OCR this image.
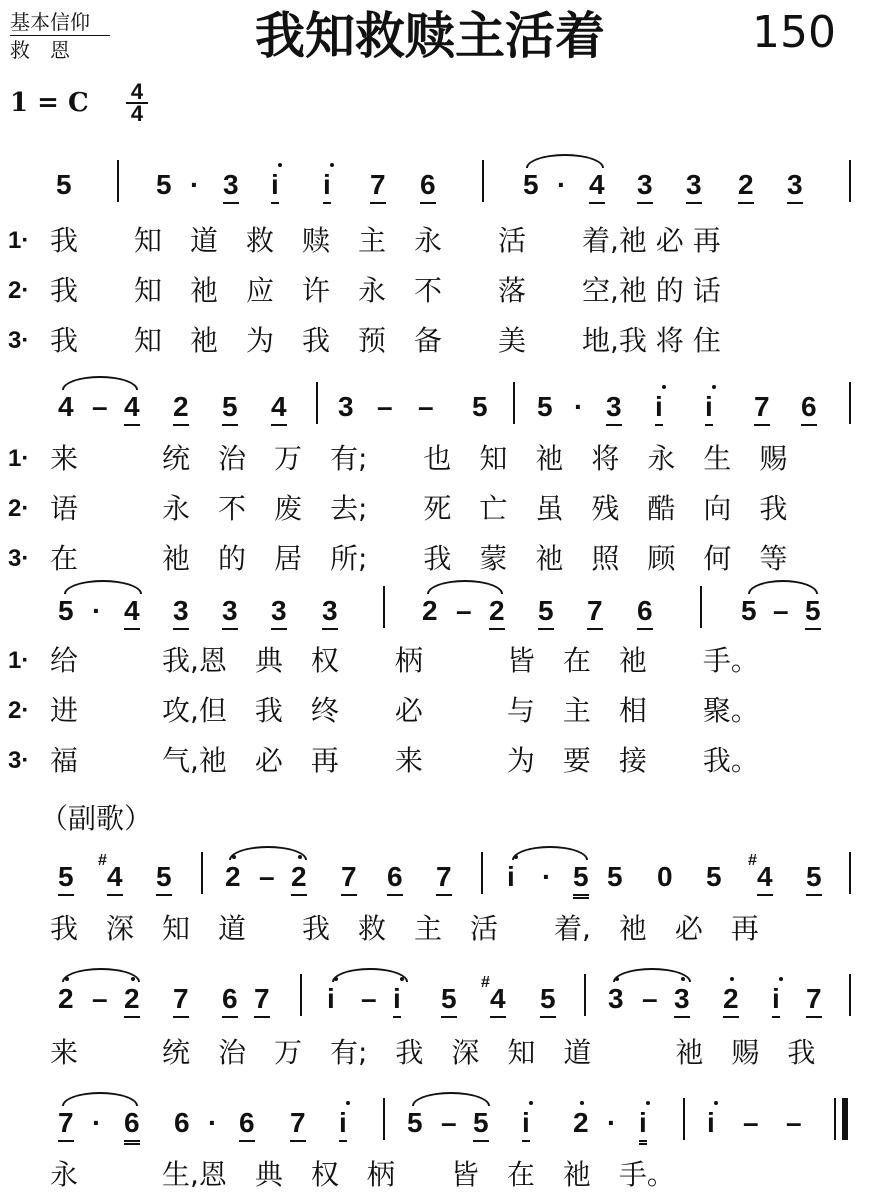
基本信仰
救　恩	我知救赎主活着	150
1 = C 4
4
5	5 · 3 i i 7 6	5 · 4 3 3 2 3
1· 我　　知　道　救　赎　主　永　　活　　着,祂 必 再
2· 我　　知　祂　应　许　永　不　　落　　空,祂 的 话
3· 我　　知　祂　为　我　预　备　　美　　地,我 将 住
4 – 4 2 5 4 3 – – 5 5 · 3 i i 7 6
1· 来　　　统　治　万　有;　　也　知　祂　将　永　生　赐
2· 语　　　永　不　废　去;　　死　亡　虽　残　酷　向　我
3· 在　　　祂　的　居　所;　　我　蒙　祂　照　顾　何　等
5 · 4 3 3 3 3	2 – 2 5 7 6	5 – 5
1· 给　　　我,恩　典　权　　柄　　　皆　在　祂　　手。
2· 进　　　攻,但　我　终　　必　　　与　主　相　　聚。
3· 福　　　气,祂　必　再　　来　　　为　要　接　　我。
（副歌）
5
#
4 5 2 – 2 7 6 7 i · 5 5 0 5
#
4 5
我　深　知　道　　我　救　主　活　　着,　祂　必　再
2 – 2 7 6 7 i – i 5
#
4 5 3 – 3 2 i 7
来　　　统　治　万　有;　我　深　知　道　　　祂　赐　我
7 · 6 6 · 6 7 i 5 – 5 i 2 · i i – –
永　　　生,恩　典　权　柄　　皆　在　祂　手。
